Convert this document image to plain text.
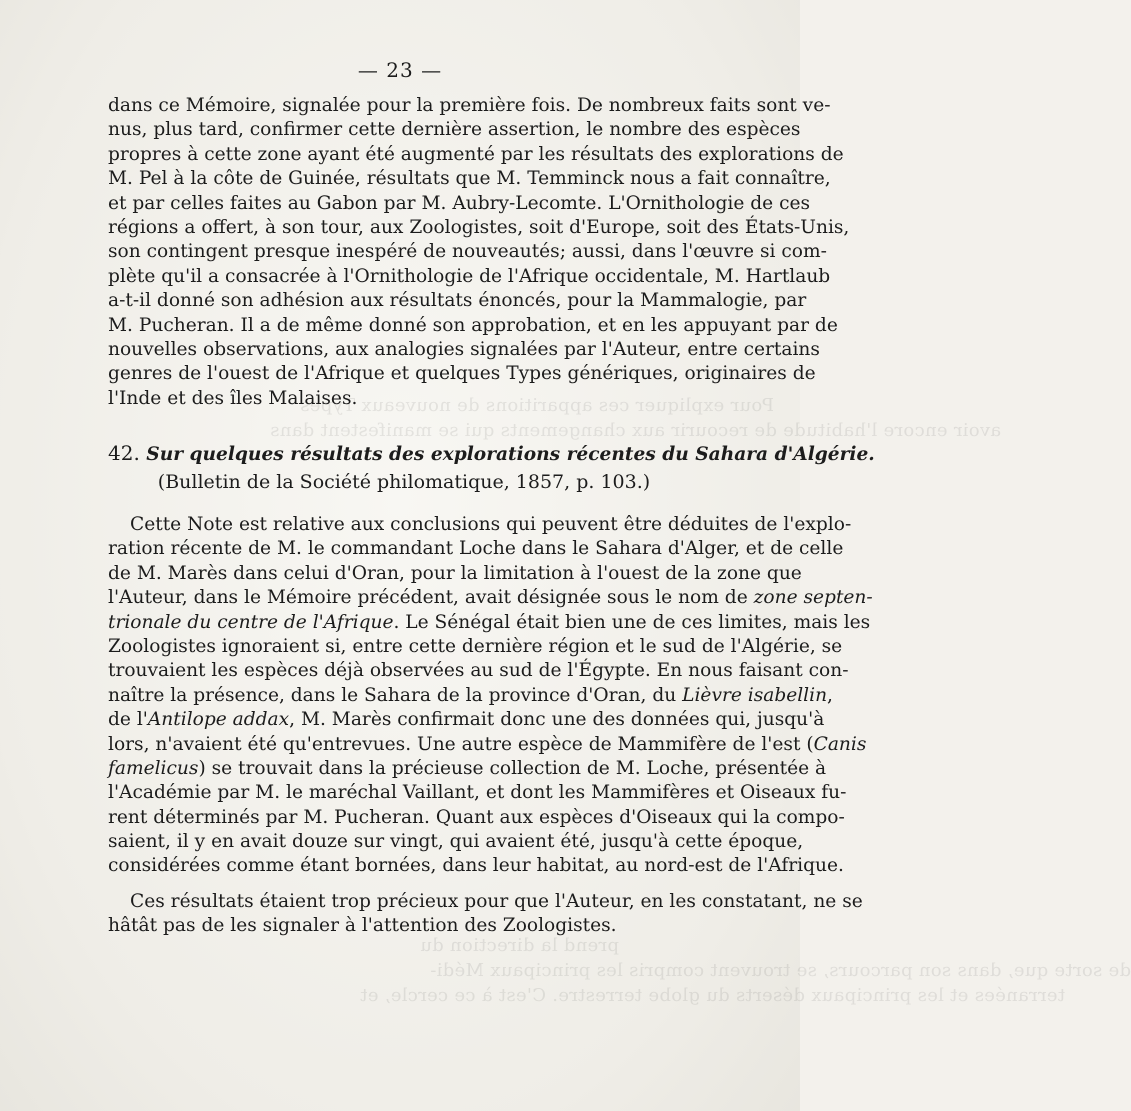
Pour expliquer ces apparitions de nouveaux Types
avoir encore l'habitude de recourir aux changements qui se manifestent dans
prend la direction du
de sorte que, dans son parcours, se trouvent compris les principaux Médi-
terranées et les principaux déserts du globe terrestre. C'est à ce cercle, et
— 23 —
dans ce Mémoire, signalée pour la première fois. De nombreux faits sont ve-
nus, plus tard, confirmer cette dernière assertion, le nombre des espèces
propres à cette zone ayant été augmenté par les résultats des explorations de
M. Pel à la côte de Guinée, résultats que M. Temminck nous a fait connaître,
et par celles faites au Gabon par M. Aubry-Lecomte. L'Ornithologie de ces
régions a offert, à son tour, aux Zoologistes, soit d'Europe, soit des États-Unis,
son contingent presque inespéré de nouveautés; aussi, dans l'œuvre si com-
plète qu'il a consacrée à l'Ornithologie de l'Afrique occidentale, M. Hartlaub
a-t-il donné son adhésion aux résultats énoncés, pour la Mammalogie, par
M. Pucheran. Il a de même donné son approbation, et en les appuyant par de
nouvelles observations, aux analogies signalées par l'Auteur, entre certains
genres de l'ouest de l'Afrique et quelques Types génériques, originaires de
l'Inde et des îles Malaises.
42. Sur quelques résultats des explorations récentes du Sahara d'Algérie.
(Bulletin de la Société philomatique, 1857, p. 103.)
Cette Note est relative aux conclusions qui peuvent être déduites de l'explo-
ration récente de M. le commandant Loche dans le Sahara d'Alger, et de celle
de M. Marès dans celui d'Oran, pour la limitation à l'ouest de la zone que
l'Auteur, dans le Mémoire précédent, avait désignée sous le nom de zone septen-
trionale du centre de l'Afrique. Le Sénégal était bien une de ces limites, mais les
Zoologistes ignoraient si, entre cette dernière région et le sud de l'Algérie, se
trouvaient les espèces déjà observées au sud de l'Égypte. En nous faisant con-
naître la présence, dans le Sahara de la province d'Oran, du Lièvre isabellin,
de l'Antilope addax, M. Marès confirmait donc une des données qui, jusqu'à
lors, n'avaient été qu'entrevues. Une autre espèce de Mammifère de l'est (Canis
famelicus) se trouvait dans la précieuse collection de M. Loche, présentée à
l'Académie par M. le maréchal Vaillant, et dont les Mammifères et Oiseaux fu-
rent déterminés par M. Pucheran. Quant aux espèces d'Oiseaux qui la compo-
saient, il y en avait douze sur vingt, qui avaient été, jusqu'à cette époque,
considérées comme étant bornées, dans leur habitat, au nord-est de l'Afrique.
Ces résultats étaient trop précieux pour que l'Auteur, en les constatant, ne se
hâtât pas de les signaler à l'attention des Zoologistes.
